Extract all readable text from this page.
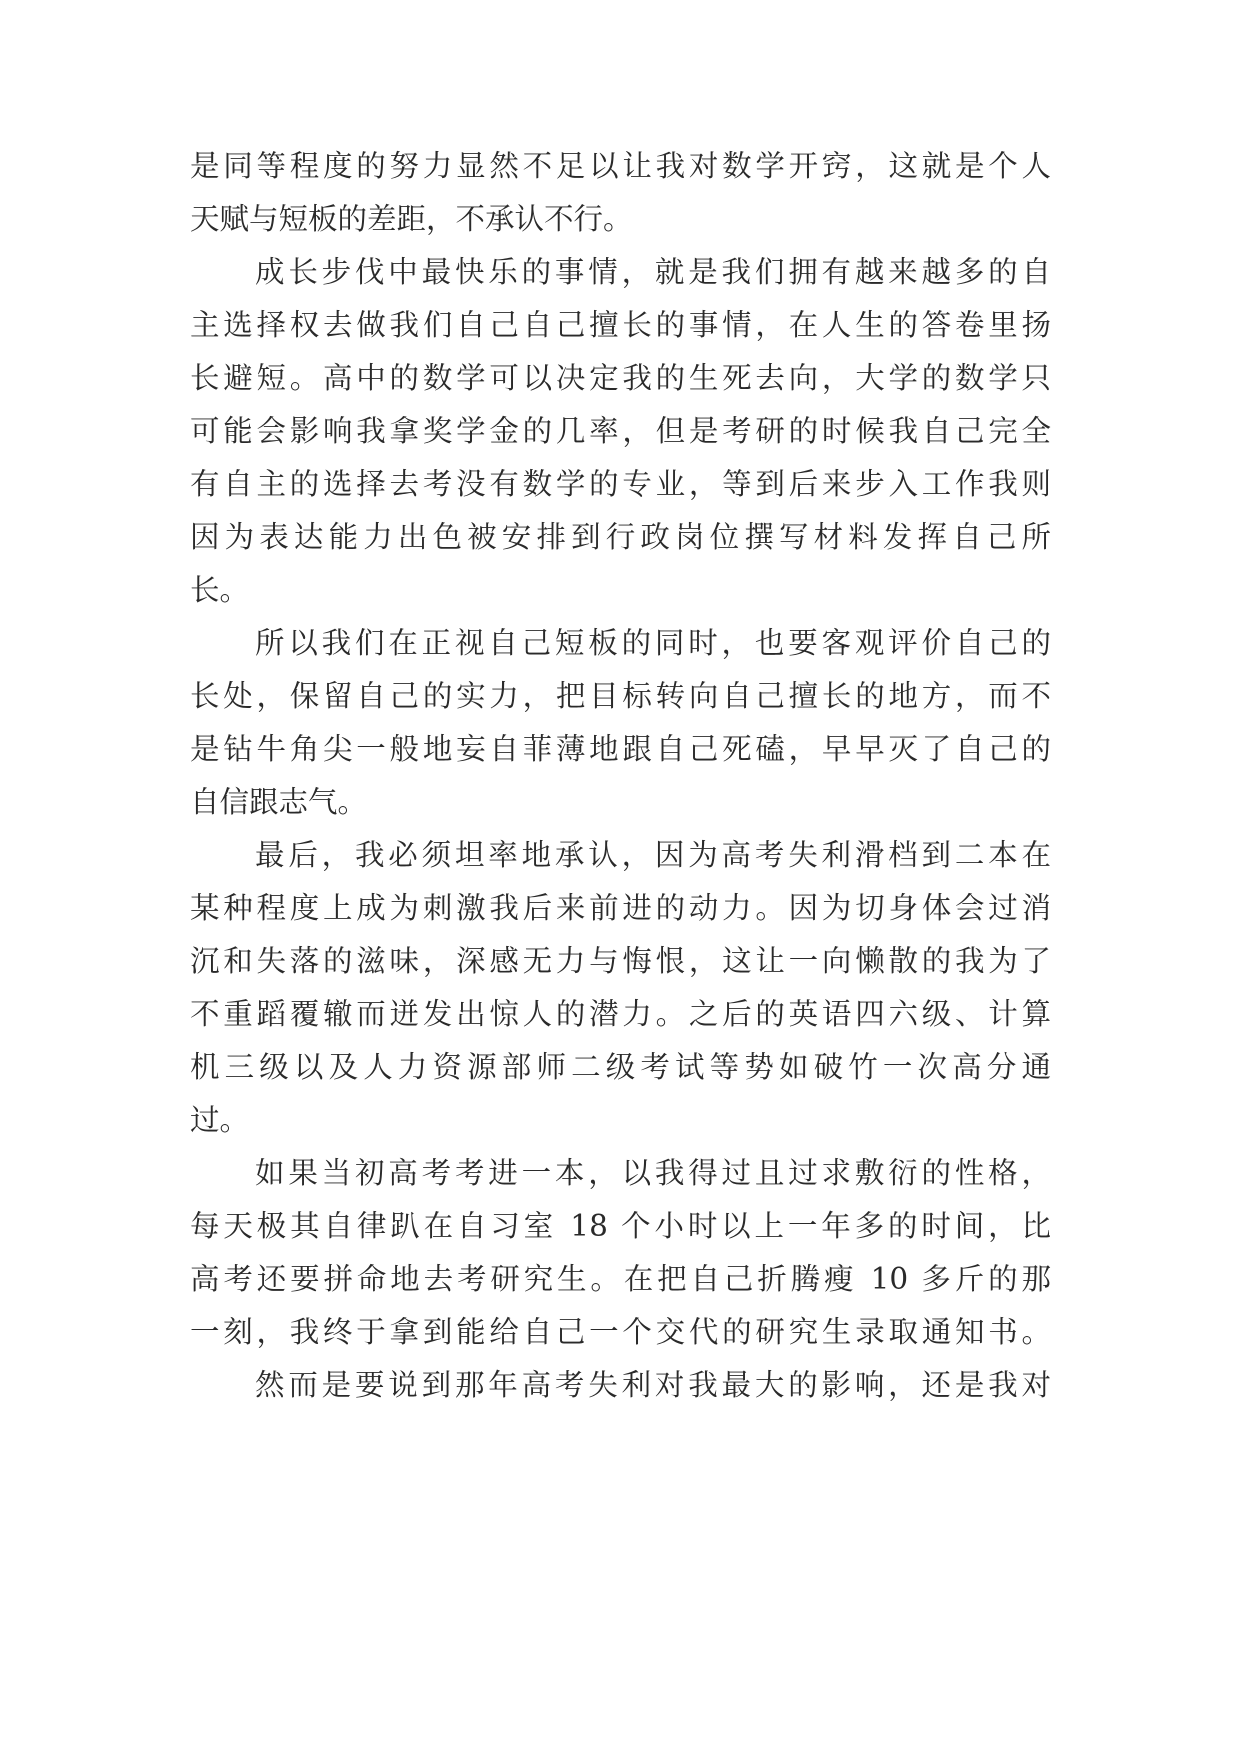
是同等程度的努力显然不足以让我对数学开窍，这就是个人
天赋与短板的差距，不承认不行。
成长步伐中最快乐的事情，就是我们拥有越来越多的自
主选择权去做我们自己自己擅长的事情，在人生的答卷里扬
长避短。高中的数学可以决定我的生死去向，大学的数学只
可能会影响我拿奖学金的几率，但是考研的时候我自己完全
有自主的选择去考没有数学的专业，等到后来步入工作我则
因为表达能力出色被安排到行政岗位撰写材料发挥自己所
长。
所以我们在正视自己短板的同时，也要客观评价自己的
长处，保留自己的实力，把目标转向自己擅长的地方，而不
是钻牛角尖一般地妄自菲薄地跟自己死磕，早早灭了自己的
自信跟志气。
最后，我必须坦率地承认，因为高考失利滑档到二本在
某种程度上成为刺激我后来前进的动力。因为切身体会过消
沉和失落的滋味，深感无力与悔恨，这让一向懒散的我为了
不重蹈覆辙而迸发出惊人的潜力。之后的英语四六级、计算
机三级以及人力资源部师二级考试等势如破竹一次高分通
过。
如果当初高考考进一本，以我得过且过求敷衍的性格，
每天极其自律趴在自习室 18 个小时以上一年多的时间，比
高考还要拼命地去考研究生。在把自己折腾瘦 10 多斤的那
一刻，我终于拿到能给自己一个交代的研究生录取通知书。
然而是要说到那年高考失利对我最大的影响，还是我对
